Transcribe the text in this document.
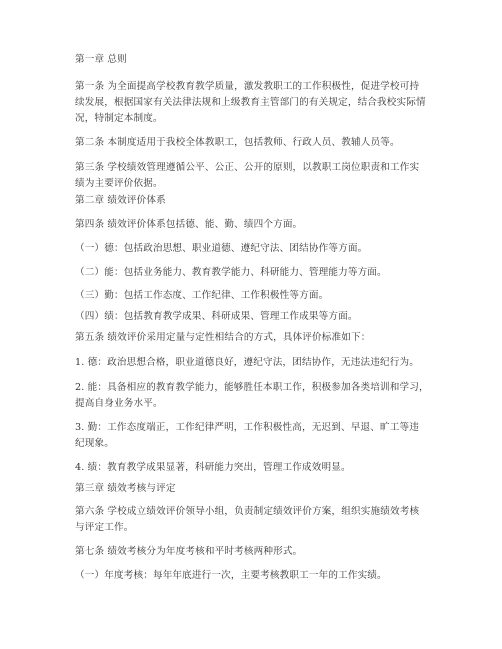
第一章 总则
第一条 为全面提高学校教育教学质量，激发教职工的工作积极性，促进学校可持
续发展，根据国家有关法律法规和上级教育主管部门的有关规定，结合我校实际情
况，特制定本制度。
第二条 本制度适用于我校全体教职工，包括教师、行政人员、教辅人员等。
第三条 学校绩效管理遵循公平、公正、公开的原则，以教职工岗位职责和工作实
绩为主要评价依据。
第二章 绩效评价体系
第四条 绩效评价体系包括德、能、勤、绩四个方面。
（一）德：包括政治思想、职业道德、遵纪守法、团结协作等方面。
（二）能：包括业务能力、教育教学能力、科研能力、管理能力等方面。
（三）勤：包括工作态度、工作纪律、工作积极性等方面。
（四）绩：包括教育教学成果、科研成果、管理工作成果等方面。
第五条 绩效评价采用定量与定性相结合的方式，具体评价标准如下：
1. 德：政治思想合格，职业道德良好，遵纪守法，团结协作，无违法违纪行为。
2. 能：具备相应的教育教学能力，能够胜任本职工作，积极参加各类培训和学习，
提高自身业务水平。
3. 勤：工作态度端正，工作纪律严明，工作积极性高，无迟到、早退、旷工等违
纪现象。
4. 绩：教育教学成果显著，科研能力突出，管理工作成效明显。
第三章 绩效考核与评定
第六条 学校成立绩效评价领导小组，负责制定绩效评价方案，组织实施绩效考核
与评定工作。
第七条 绩效考核分为年度考核和平时考核两种形式。
（一）年度考核：每年年底进行一次，主要考核教职工一年的工作实绩。
